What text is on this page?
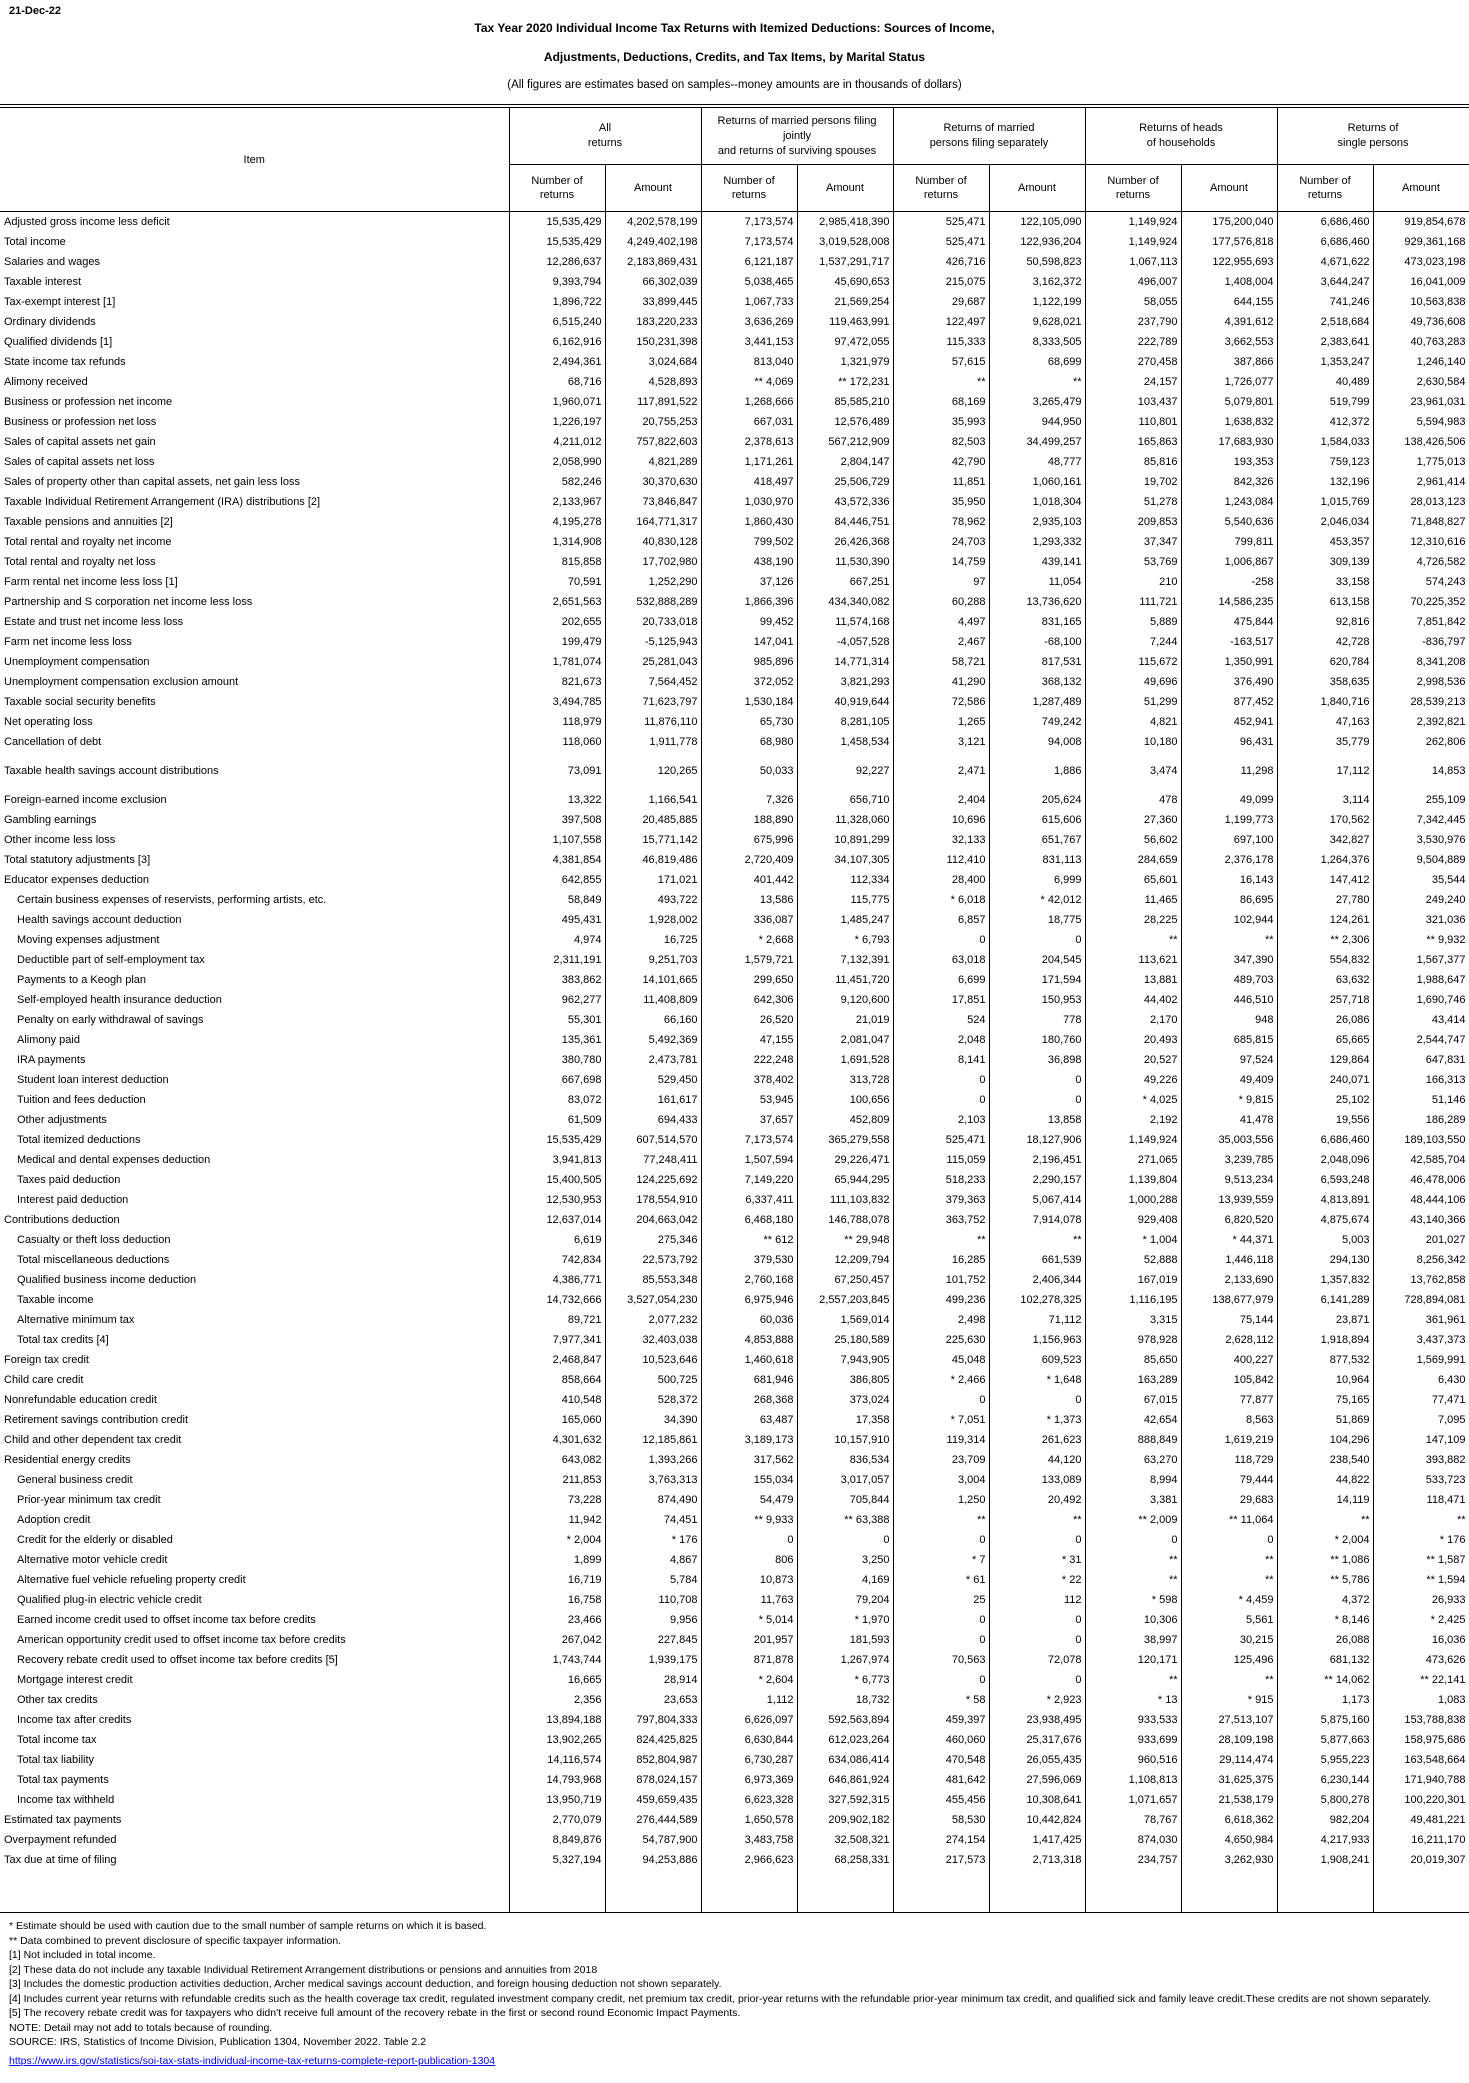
21-Dec-22
Tax Year 2020 Individual Income Tax Returns with Itemized Deductions: Sources of Income,
Adjustments, Deductions, Credits, and Tax Items, by Marital Status
(All figures are estimates based on samples--money amounts are in thousands of dollars)
Item	
All
returns

Returns of married persons filing
jointly
and returns of surviving spouses

Returns of married
persons filing separately

Returns of heads
of households

Returns of
single persons

Number of
returns

Amount

Number of
returns

Amount

Number of
returns

Amount

Number of
returns

Amount

Number of
returns

Amount

Adjusted gross income less deficit	15,535,429	4,202,578,199	7,173,574	2,985,418,390	525,471	122,105,090	1,149,924	175,200,040	6,686,460	919,854,678
Total income	15,535,429	4,249,402,198	7,173,574	3,019,528,008	525,471	122,936,204	1,149,924	177,576,818	6,686,460	929,361,168
Salaries and wages	12,286,637	2,183,869,431	6,121,187	1,537,291,717	426,716	50,598,823	1,067,113	122,955,693	4,671,622	473,023,198
Taxable interest	9,393,794	66,302,039	5,038,465	45,690,653	215,075	3,162,372	496,007	1,408,004	3,644,247	16,041,009
Tax-exempt interest [1]	1,896,722	33,899,445	1,067,733	21,569,254	29,687	1,122,199	58,055	644,155	741,246	10,563,838
Ordinary dividends	6,515,240	183,220,233	3,636,269	119,463,991	122,497	9,628,021	237,790	4,391,612	2,518,684	49,736,608
Qualified dividends [1]	6,162,916	150,231,398	3,441,153	97,472,055	115,333	8,333,505	222,789	3,662,553	2,383,641	40,763,283
State income tax refunds	2,494,361	3,024,684	813,040	1,321,979	57,615	68,699	270,458	387,866	1,353,247	1,246,140
Alimony received	68,716	4,528,893	** 4,069	** 172,231	**	**	24,157	1,726,077	40,489	2,630,584
Business or profession net income	1,960,071	117,891,522	1,268,666	85,585,210	68,169	3,265,479	103,437	5,079,801	519,799	23,961,031
Business or profession net loss	1,226,197	20,755,253	667,031	12,576,489	35,993	944,950	110,801	1,638,832	412,372	5,594,983
Sales of capital assets net gain	4,211,012	757,822,603	2,378,613	567,212,909	82,503	34,499,257	165,863	17,683,930	1,584,033	138,426,506
Sales of capital assets net loss	2,058,990	4,821,289	1,171,261	2,804,147	42,790	48,777	85,816	193,353	759,123	1,775,013
Sales of property other than capital assets, net gain less loss	582,246	30,370,630	418,497	25,506,729	11,851	1,060,161	19,702	842,326	132,196	2,961,414
Taxable Individual Retirement Arrangement (IRA) distributions [2]	2,133,967	73,846,847	1,030,970	43,572,336	35,950	1,018,304	51,278	1,243,084	1,015,769	28,013,123
Taxable pensions and annuities [2]	4,195,278	164,771,317	1,860,430	84,446,751	78,962	2,935,103	209,853	5,540,636	2,046,034	71,848,827
Total rental and royalty net income	1,314,908	40,830,128	799,502	26,426,368	24,703	1,293,332	37,347	799,811	453,357	12,310,616
Total rental and royalty net loss	815,858	17,702,980	438,190	11,530,390	14,759	439,141	53,769	1,006,867	309,139	4,726,582
Farm rental net income less loss [1]	70,591	1,252,290	37,126	667,251	97	11,054	210	-258	33,158	574,243
Partnership and S corporation net income less loss	2,651,563	532,888,289	1,866,396	434,340,082	60,288	13,736,620	111,721	14,586,235	613,158	70,225,352
Estate and trust net income less loss	202,655	20,733,018	99,452	11,574,168	4,497	831,165	5,889	475,844	92,816	7,851,842
Farm net income less loss	199,479	-5,125,943	147,041	-4,057,528	2,467	-68,100	7,244	-163,517	42,728	-836,797
Unemployment compensation	1,781,074	25,281,043	985,896	14,771,314	58,721	817,531	115,672	1,350,991	620,784	8,341,208
Unemployment compensation exclusion amount	821,673	7,564,452	372,052	3,821,293	41,290	368,132	49,696	376,490	358,635	2,998,536
Taxable social security benefits	3,494,785	71,623,797	1,530,184	40,919,644	72,586	1,287,489	51,299	877,452	1,840,716	28,539,213
Net operating loss	118,979	11,876,110	65,730	8,281,105	1,265	749,242	4,821	452,941	47,163	2,392,821
Cancellation of debt	118,060	1,911,778	68,980	1,458,534	3,121	94,008	10,180	96,431	35,779	262,806

Taxable health savings account distributions	73,091	120,265	50,033	92,227	2,471	1,886	3,474	11,298	17,112	14,853

Foreign-earned income exclusion	13,322	1,166,541	7,326	656,710	2,404	205,624	478	49,099	3,114	255,109
Gambling earnings	397,508	20,485,885	188,890	11,328,060	10,696	615,606	27,360	1,199,773	170,562	7,342,445
Other income less loss	1,107,558	15,771,142	675,996	10,891,299	32,133	651,767	56,602	697,100	342,827	3,530,976
Total statutory adjustments [3]	4,381,854	46,819,486	2,720,409	34,107,305	112,410	831,113	284,659	2,376,178	1,264,376	9,504,889
Educator expenses deduction	642,855	171,021	401,442	112,334	28,400	6,999	65,601	16,143	147,412	35,544
Certain business expenses of reservists, performing artists, etc.	58,849	493,722	13,586	115,775	* 6,018	* 42,012	11,465	86,695	27,780	249,240
Health savings account deduction	495,431	1,928,002	336,087	1,485,247	6,857	18,775	28,225	102,944	124,261	321,036
Moving expenses adjustment	4,974	16,725	* 2,668	* 6,793	0	0	**	**	** 2,306	** 9,932
Deductible part of self-employment tax	2,311,191	9,251,703	1,579,721	7,132,391	63,018	204,545	113,621	347,390	554,832	1,567,377
Payments to a Keogh plan	383,862	14,101,665	299,650	11,451,720	6,699	171,594	13,881	489,703	63,632	1,988,647
Self-employed health insurance deduction	962,277	11,408,809	642,306	9,120,600	17,851	150,953	44,402	446,510	257,718	1,690,746
Penalty on early withdrawal of savings	55,301	66,160	26,520	21,019	524	778	2,170	948	26,086	43,414
Alimony paid	135,361	5,492,369	47,155	2,081,047	2,048	180,760	20,493	685,815	65,665	2,544,747
IRA payments	380,780	2,473,781	222,248	1,691,528	8,141	36,898	20,527	97,524	129,864	647,831
Student loan interest deduction	667,698	529,450	378,402	313,728	0	0	49,226	49,409	240,071	166,313
Tuition and fees deduction	83,072	161,617	53,945	100,656	0	0	* 4,025	* 9,815	25,102	51,146
Other adjustments	61,509	694,433	37,657	452,809	2,103	13,858	2,192	41,478	19,556	186,289
Total itemized deductions	15,535,429	607,514,570	7,173,574	365,279,558	525,471	18,127,906	1,149,924	35,003,556	6,686,460	189,103,550
Medical and dental expenses deduction	3,941,813	77,248,411	1,507,594	29,226,471	115,059	2,196,451	271,065	3,239,785	2,048,096	42,585,704
Taxes paid deduction	15,400,505	124,225,692	7,149,220	65,944,295	518,233	2,290,157	1,139,804	9,513,234	6,593,248	46,478,006
Interest paid deduction	12,530,953	178,554,910	6,337,411	111,103,832	379,363	5,067,414	1,000,288	13,939,559	4,813,891	48,444,106
Contributions deduction	12,637,014	204,663,042	6,468,180	146,788,078	363,752	7,914,078	929,408	6,820,520	4,875,674	43,140,366
Casualty or theft loss deduction	6,619	275,346	** 612	** 29,948	**	**	* 1,004	* 44,371	5,003	201,027
Total miscellaneous deductions	742,834	22,573,792	379,530	12,209,794	16,285	661,539	52,888	1,446,118	294,130	8,256,342
Qualified business income deduction	4,386,771	85,553,348	2,760,168	67,250,457	101,752	2,406,344	167,019	2,133,690	1,357,832	13,762,858
Taxable income	14,732,666	3,527,054,230	6,975,946	2,557,203,845	499,236	102,278,325	1,116,195	138,677,979	6,141,289	728,894,081
Alternative minimum tax	89,721	2,077,232	60,036	1,569,014	2,498	71,112	3,315	75,144	23,871	361,961
Total tax credits [4]	7,977,341	32,403,038	4,853,888	25,180,589	225,630	1,156,963	978,928	2,628,112	1,918,894	3,437,373
Foreign tax credit	2,468,847	10,523,646	1,460,618	7,943,905	45,048	609,523	85,650	400,227	877,532	1,569,991
Child care credit	858,664	500,725	681,946	386,805	* 2,466	* 1,648	163,289	105,842	10,964	6,430
Nonrefundable education credit	410,548	528,372	268,368	373,024	0	0	67,015	77,877	75,165	77,471
Retirement savings contribution credit	165,060	34,390	63,487	17,358	* 7,051	* 1,373	42,654	8,563	51,869	7,095
Child and other dependent tax credit	4,301,632	12,185,861	3,189,173	10,157,910	119,314	261,623	888,849	1,619,219	104,296	147,109
Residential energy credits	643,082	1,393,266	317,562	836,534	23,709	44,120	63,270	118,729	238,540	393,882
General business credit	211,853	3,763,313	155,034	3,017,057	3,004	133,089	8,994	79,444	44,822	533,723
Prior-year minimum tax credit	73,228	874,490	54,479	705,844	1,250	20,492	3,381	29,683	14,119	118,471
Adoption credit	11,942	74,451	** 9,933	** 63,388	**	**	** 2,009	** 11,064	**	**
Credit for the elderly or disabled	* 2,004	* 176	0	0	0	0	0	0	* 2,004	* 176
Alternative motor vehicle credit	1,899	4,867	806	3,250	* 7	* 31	**	**	** 1,086	** 1,587
Alternative fuel vehicle refueling property credit	16,719	5,784	10,873	4,169	* 61	* 22	**	**	** 5,786	** 1,594
Qualified plug-in electric vehicle credit	16,758	110,708	11,763	79,204	25	112	* 598	* 4,459	4,372	26,933
Earned income credit used to offset income tax before credits	23,466	9,956	* 5,014	* 1,970	0	0	10,306	5,561	* 8,146	* 2,425
American opportunity credit used to offset income tax before credits	267,042	227,845	201,957	181,593	0	0	38,997	30,215	26,088	16,036
Recovery rebate credit used to offset income tax before credits [5]	1,743,744	1,939,175	871,878	1,267,974	70,563	72,078	120,171	125,496	681,132	473,626
Mortgage interest credit	16,665	28,914	* 2,604	* 6,773	0	0	**	**	** 14,062	** 22,141
Other tax credits	2,356	23,653	1,112	18,732	* 58	* 2,923	* 13	* 915	1,173	1,083
Income tax after credits	13,894,188	797,804,333	6,626,097	592,563,894	459,397	23,938,495	933,533	27,513,107	5,875,160	153,788,838
Total income tax	13,902,265	824,425,825	6,630,844	612,023,264	460,060	25,317,676	933,699	28,109,198	5,877,663	158,975,686
Total tax liability	14,116,574	852,804,987	6,730,287	634,086,414	470,548	26,055,435	960,516	29,114,474	5,955,223	163,548,664
Total tax payments	14,793,968	878,024,157	6,973,369	646,861,924	481,642	27,596,069	1,108,813	31,625,375	6,230,144	171,940,788
Income tax withheld	13,950,719	459,659,435	6,623,328	327,592,315	455,456	10,308,641	1,071,657	21,538,179	5,800,278	100,220,301
Estimated tax payments	2,770,079	276,444,589	1,650,578	209,902,182	58,530	10,442,824	78,767	6,618,362	982,204	49,481,221
Overpayment refunded	8,849,876	54,787,900	3,483,758	32,508,321	274,154	1,417,425	874,030	4,650,984	4,217,933	16,211,170
Tax due at time of filing	5,327,194	94,253,886	2,966,623	68,258,331	217,573	2,713,318	234,757	3,262,930	1,908,241	20,019,307

* Estimate should be used with caution due to the small number of sample returns on which it is based.
** Data combined to prevent disclosure of specific taxpayer information.
[1] Not included in total income.
[2] These data do not include any taxable Individual Retirement Arrangement distributions or pensions and annuities from 2018
[3] Includes the domestic production activities deduction, Archer medical savings account deduction, and foreign housing deduction not shown separately.
[4] Includes current year returns with refundable credits such as the health coverage tax credit, regulated investment company credit, net premium tax credit, prior-year returns with the refundable prior-year minimum tax credit, and qualified sick and family leave credit.These credits are not shown separately.
[5] The recovery rebate credit was for taxpayers who didn't receive full amount of the recovery rebate in the first or second round Economic Impact Payments.
NOTE: Detail may not add to totals because of rounding.
SOURCE: IRS, Statistics of Income Division, Publication 1304, November 2022. Table 2.2
https://www.irs.gov/statistics/soi-tax-stats-individual-income-tax-returns-complete-report-publication-1304
